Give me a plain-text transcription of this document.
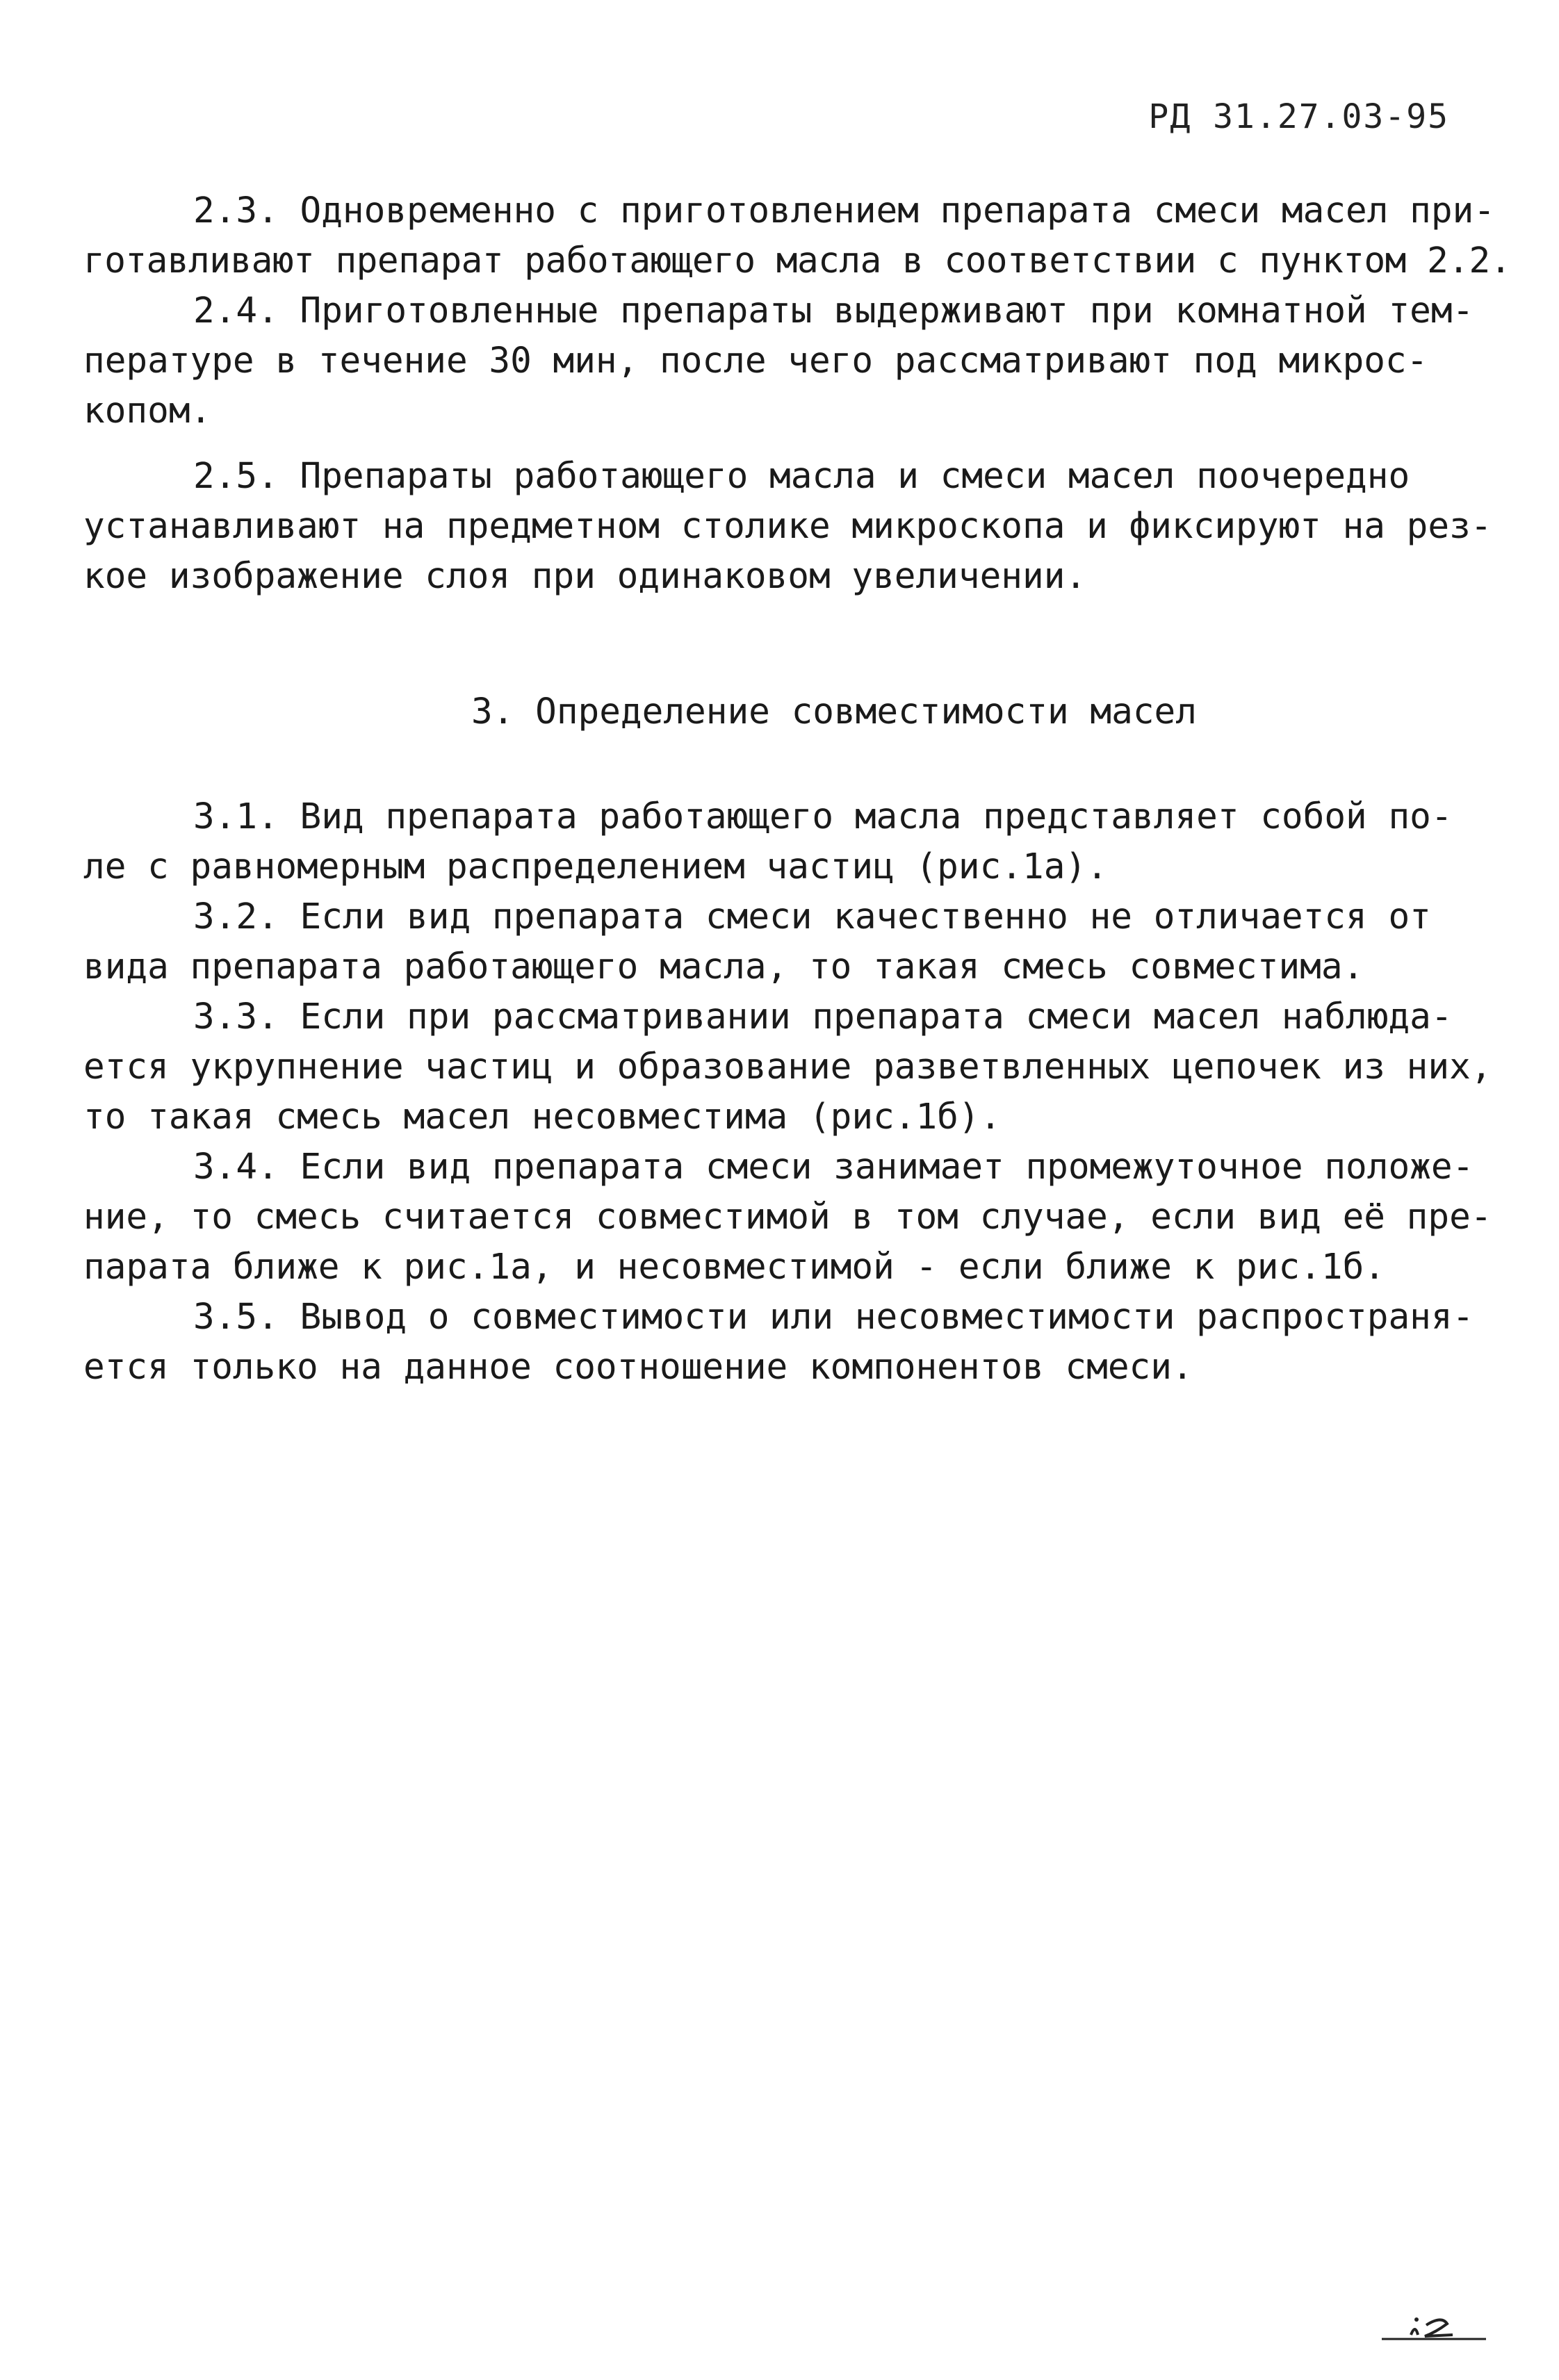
РД 31.27.03-95
2.3. Одновременно с приготовлением препарата смеси масел при-
готавливают препарат работающего масла в соответствии с пунктом 2.2.
2.4. Приготовленные препараты выдерживают при комнатной тем-
пературе в течение 30 мин, после чего рассматривают под микрос-
копом.
2.5. Препараты работающего масла и смеси масел поочередно
устанавливают на предметном столике микроскопа и фиксируют на рез-
кое изображение слоя при одинаковом увеличении.
3. Определение совместимости масел
3.1. Вид препарата работающего масла представляет собой по-
ле с равномерным распределением частиц (рис.1а).
3.2. Если вид препарата смеси качественно не отличается от
вида препарата работающего масла, то такая смесь совместима.
3.3. Если при рассматривании препарата смеси масел наблюда-
ется укрупнение частиц и образование разветвленных цепочек из них,
то такая смесь масел несовместима (рис.1б).
3.4. Если вид препарата смеси занимает промежуточное положе-
ние, то смесь считается совместимой в том случае, если вид её пре-
парата ближе к рис.1а, и несовместимой - если ближе к рис.1б.
3.5. Вывод о совместимости или несовместимости распространя-
ется только на данное соотношение компонентов смеси.
